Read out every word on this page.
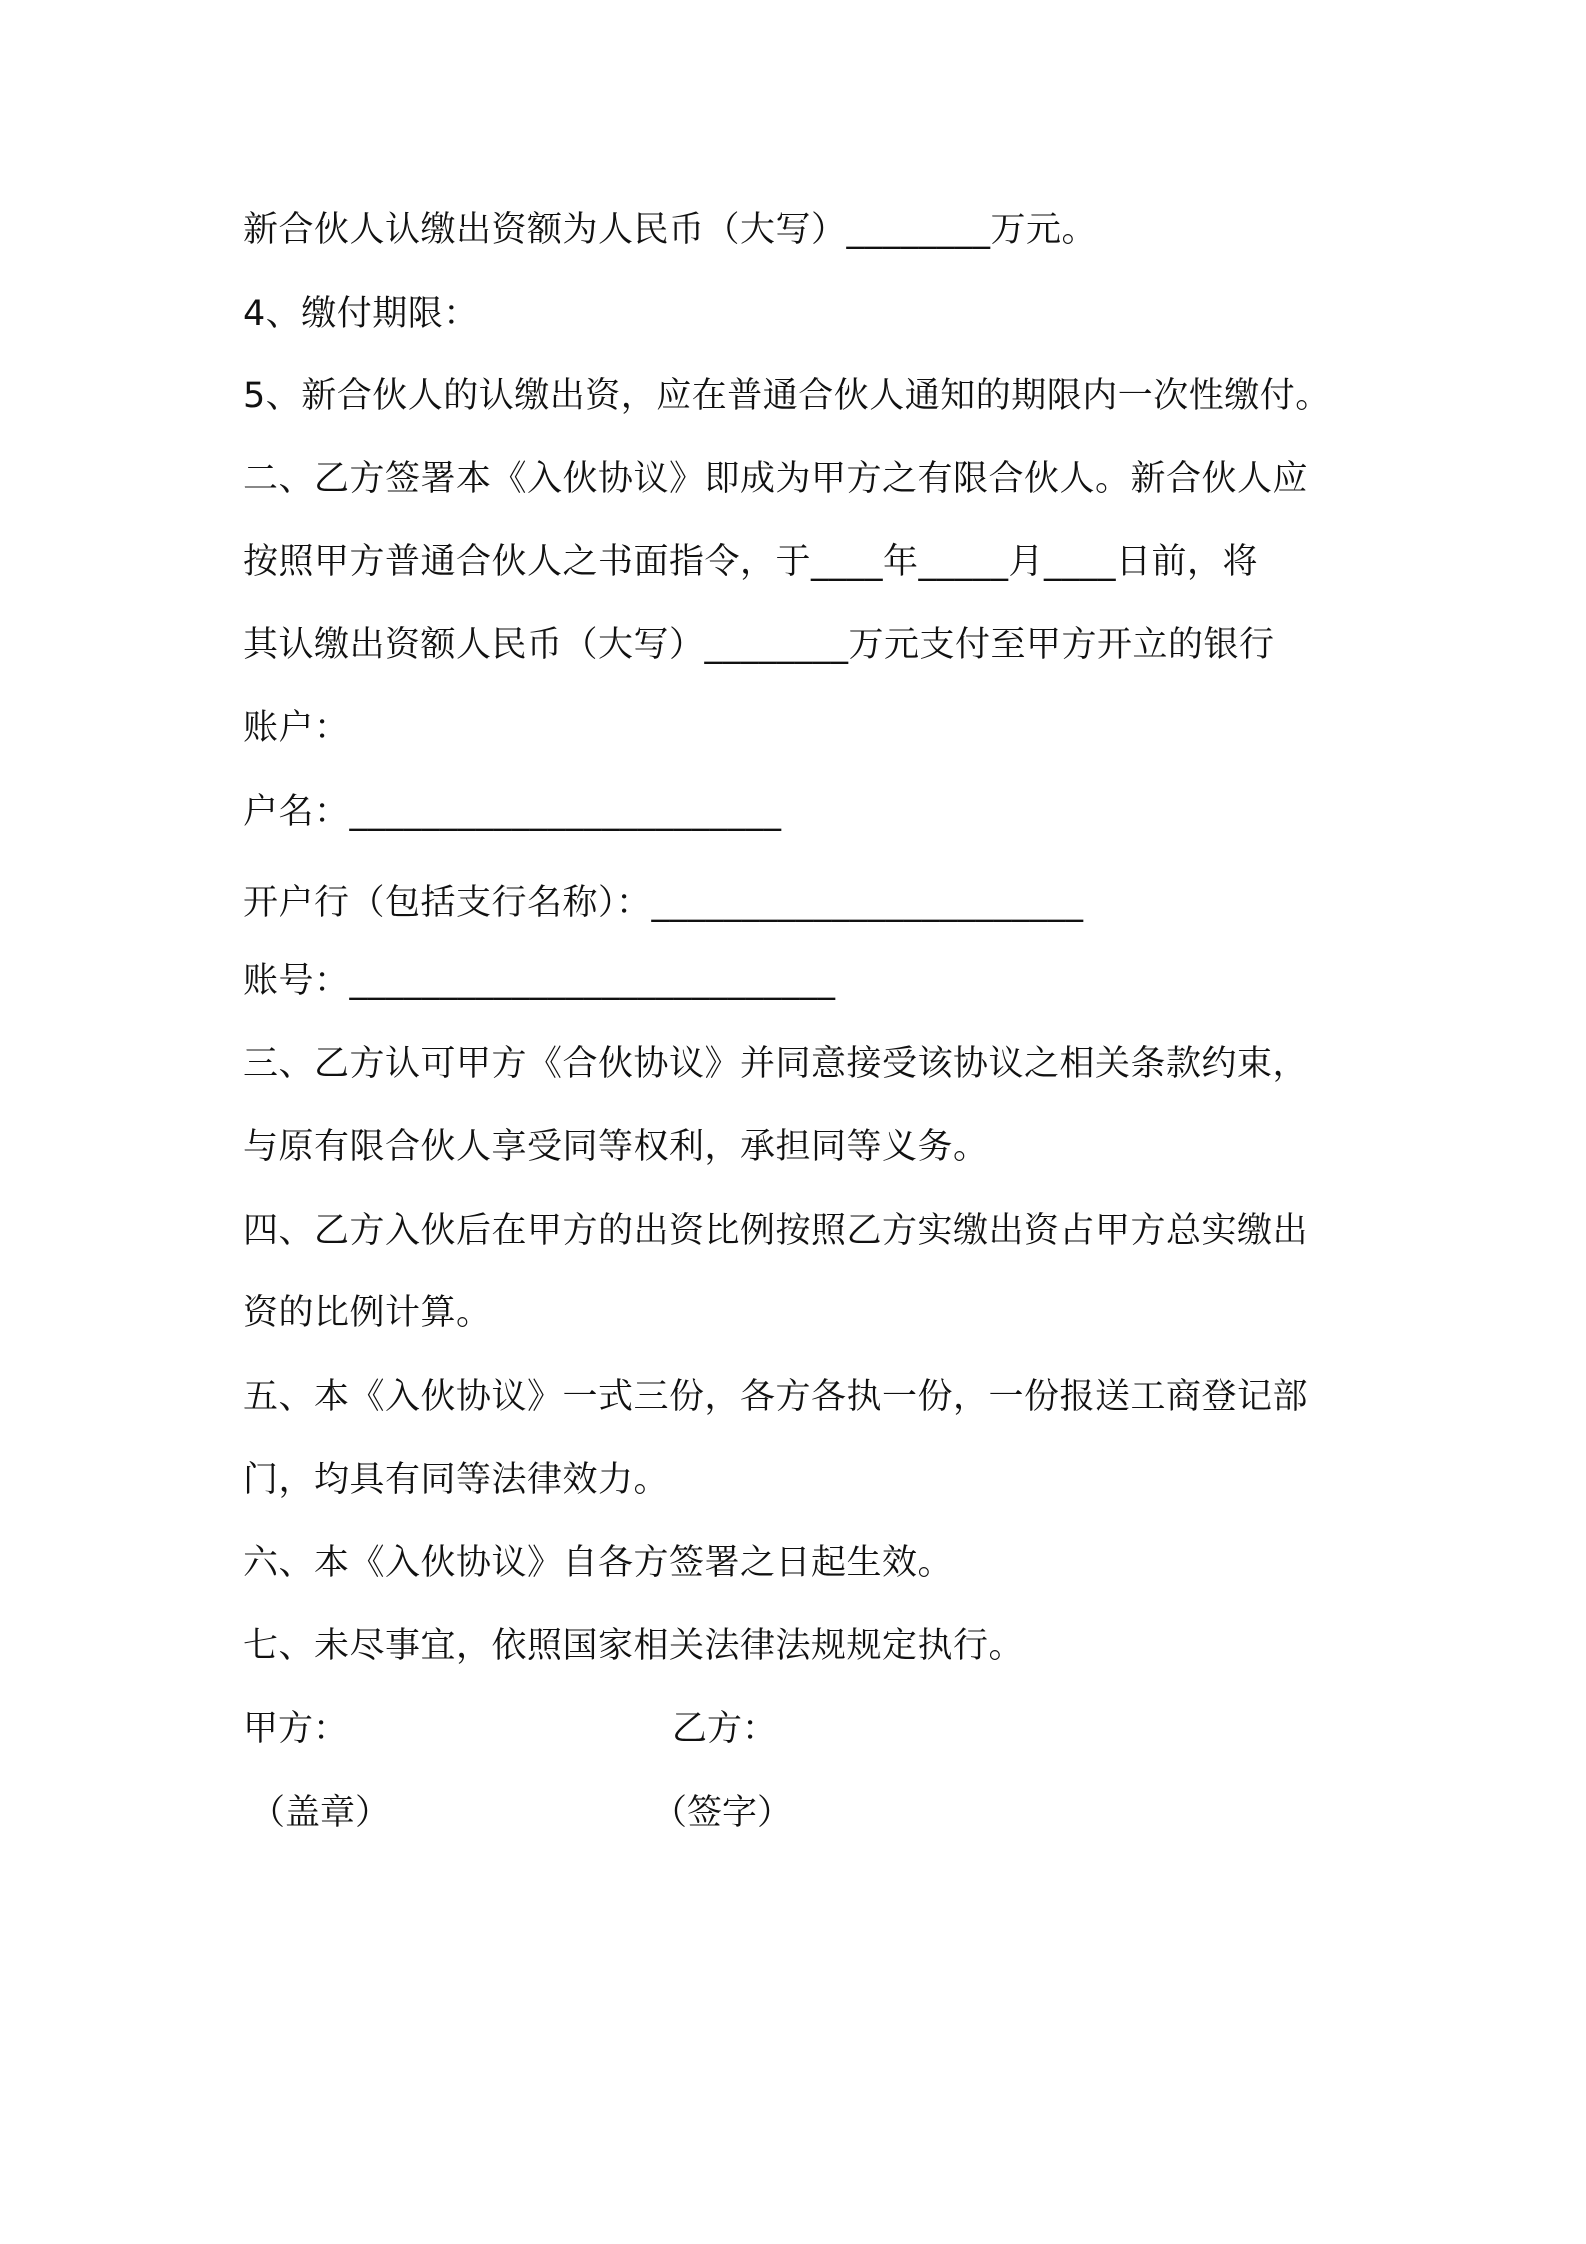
新合伙人认缴出资额为人民币（大写）________万元。
4、缴付期限：
5、新合伙人的认缴出资，应在普通合伙人通知的期限内一次性缴付。
二、乙方签署本《入伙协议》即成为甲方之有限合伙人。新合伙人应
按照甲方普通合伙人之书面指令，于____年_____月____日前，将
其认缴出资额人民币（大写）________万元支付至甲方开立的银行
账户：
户名：________________________
开户行（包括支行名称）：________________________
账号：___________________________
三、乙方认可甲方《合伙协议》并同意接受该协议之相关条款约束，
与原有限合伙人享受同等权利，承担同等义务。
四、乙方入伙后在甲方的出资比例按照乙方实缴出资占甲方总实缴出
资的比例计算。
五、本《入伙协议》一式三份，各方各执一份，一份报送工商登记部
门，均具有同等法律效力。
六、本《入伙协议》自各方签署之日起生效。
七、未尽事宜，依照国家相关法律法规规定执行。
甲方：	乙方：
（盖章）	（签字）
